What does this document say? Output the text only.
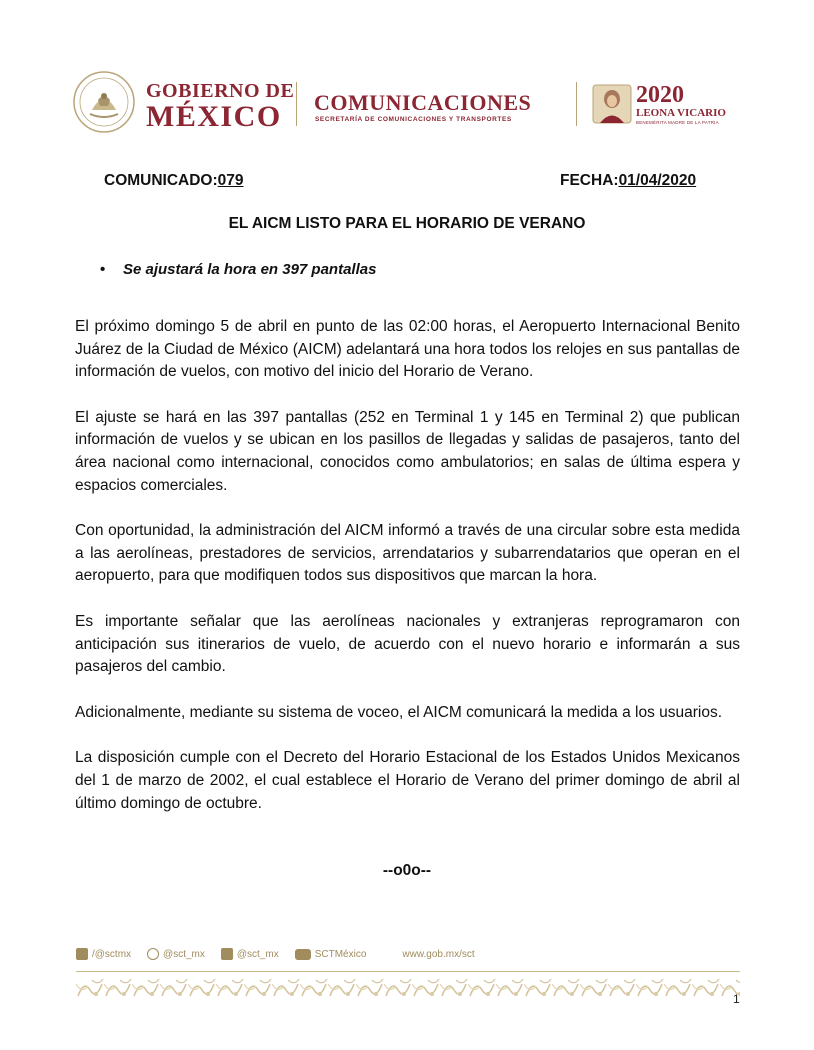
GOBIERNO DE
MÉXICO COMUNICACIONES
SECRETARÍA DE COMUNICACIONES Y TRANSPORTES
2020
LEONA VICARIO
BENEMÉRITA MADRE DE LA PATRIA
COMUNICADO:079	FECHA:01/04/2020
EL AICM LISTO PARA EL HORARIO DE VERANO
• Se ajustará la hora en 397 pantallas

El próximo domingo 5 de abril en punto de las 02:00 horas, el Aeropuerto Internacional Benito Juárez de la Ciudad de México (AICM) adelantará una hora todos los relojes en sus pantallas de información de vuelos, con motivo del inicio del Horario de Verano.

El ajuste se hará en las 397 pantallas (252 en Terminal 1 y 145 en Terminal 2) que publican información de vuelos y se ubican en los pasillos de llegadas y salidas de pasajeros, tanto del área nacional como internacional, conocidos como ambulatorios; en salas de última espera y espacios comerciales.

Con oportunidad, la administración del AICM informó a través de una circular sobre esta medida a las aerolíneas, prestadores de servicios, arrendatarios y subarrendatarios que operan en el aeropuerto, para que modifiquen todos sus dispositivos que marcan la hora.

Es importante señalar que las aerolíneas nacionales y extranjeras reprogramaron con anticipación sus itinerarios de vuelo, de acuerdo con el nuevo horario e informarán a sus pasajeros del cambio.

Adicionalmente, mediante su sistema de voceo, el AICM comunicará la medida a los usuarios.

La disposición cumple con el Decreto del Horario Estacional de los Estados Unidos Mexicanos del 1 de marzo de 2002, el cual establece el Horario de Verano del primer domingo de abril al último domingo de octubre.

--o0o--
/@sctmx	@sct_mx	@sct_mx	SCTMéxico	www.gob.mx/sct
1
